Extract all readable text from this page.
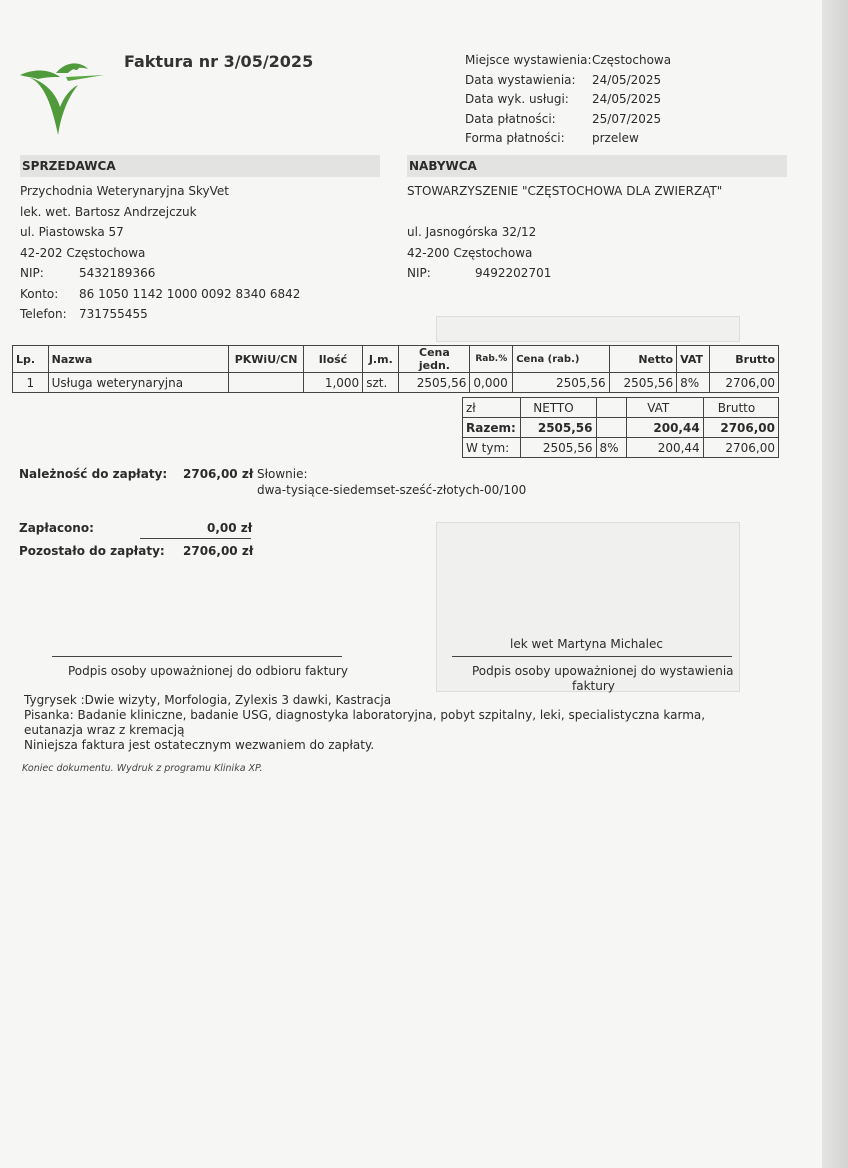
Faktura nr 3/05/2025	Miejsce wystawienia: Częstochowa
Data wystawienia:	24/05/2025
Data wyk. usługi:	24/05/2025
Data płatności:	25/07/2025
Forma płatności:	przelew
SPRZEDAWCA	NABYWCA
Przychodnia Weterynaryjna SkyVet
lek. wet. Bartosz Andrzejczuk
ul. Piastowska 57
42-202 Częstochowa
NIP:	5432189366
Konto:	86 1050 1142 1000 0092 8340 6842
Telefon:	731755455
STOWARZYSZENIE "CZĘSTOCHOWA DLA ZWIERZĄT"
ul. Jasnogórska 32/12
42-200 Częstochowa
NIP:	9492202701
Lp.	Nazwa	PKWiU/CN	Ilość	J.m.	Cena jedn.	Rab.%	Cena (rab.)	Netto	VAT	Brutto
1	Usługa weterynaryjna		1,000	szt.	2505,56	0,000	2505,56	2505,56	8%	2706,00
zł	NETTO		VAT	Brutto
Razem:	2505,56		200,44	2706,00
W tym:	2505,56	8%	200,44	2706,00
Należność do zapłaty: 2706,00 zł Słownie:
dwa-tysiące-siedemset-sześć-złotych-00/100
Zapłacono:	0,00 zł
Pozostało do zapłaty: 2706,00 zł
lek wet Martyna Michalec
Podpis osoby upoważnionej do odbioru faktury	Podpis osoby upoważnionej do wystawienia
faktury
Tygrysek :Dwie wizyty, Morfologia, Zylexis 3 dawki, Kastracja
Pisanka: Badanie kliniczne, badanie USG, diagnostyka laboratoryjna, pobyt szpitalny, leki, specialistyczna karma, eutanazja wraz z kremacją
Niniejsza faktura jest ostatecznym wezwaniem do zapłaty.
Koniec dokumentu. Wydruk z programu Klinika XP.
